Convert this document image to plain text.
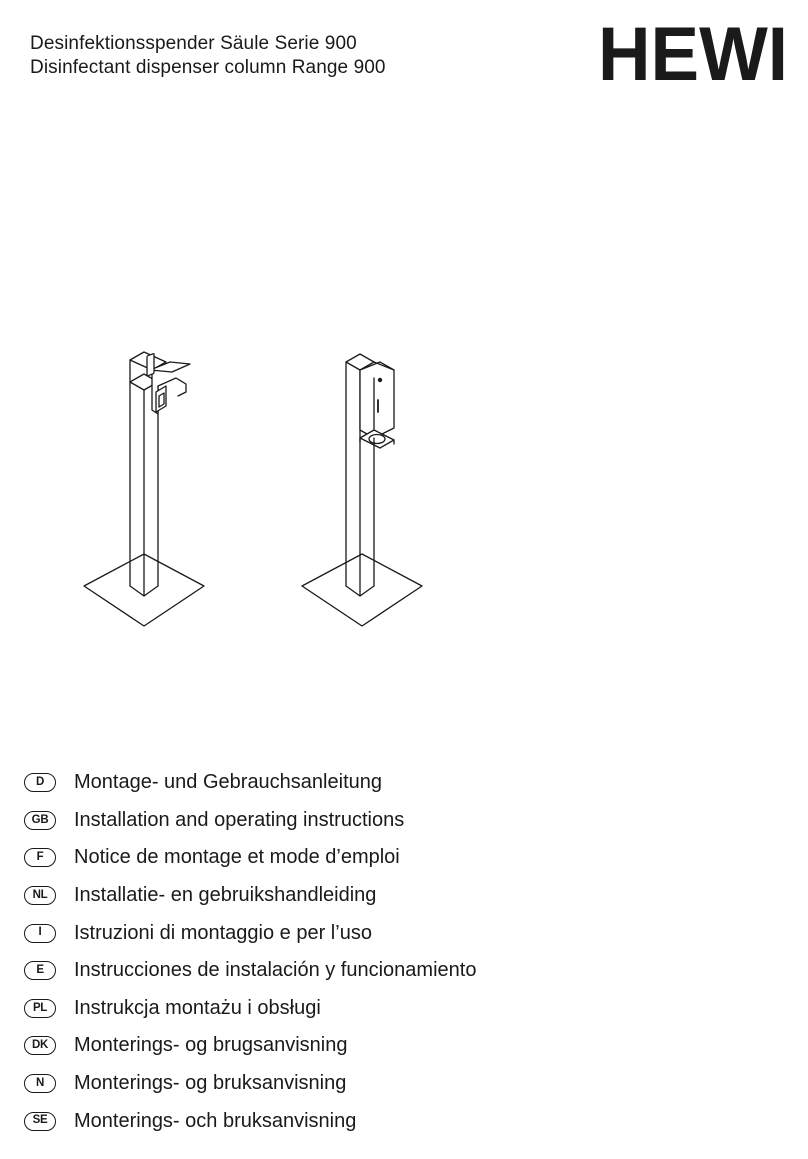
Desinfektionsspender Säule Serie 900
Disinfectant dispenser column Range 900	HEWI
D	Montage- und Gebrauchsanleitung
GB	Installation and operating instructions
F	Notice de montage et mode d’emploi
NL	Installatie- en gebruikshandleiding
I	Istruzioni di montaggio e per l’uso
E	Instrucciones de instalación y funcionamiento
PL	Instrukcja montażu i obsługi
DK	Monterings- og brugsanvisning
N	Monterings- og bruksanvisning
SE	Monterings- och bruksanvisning
